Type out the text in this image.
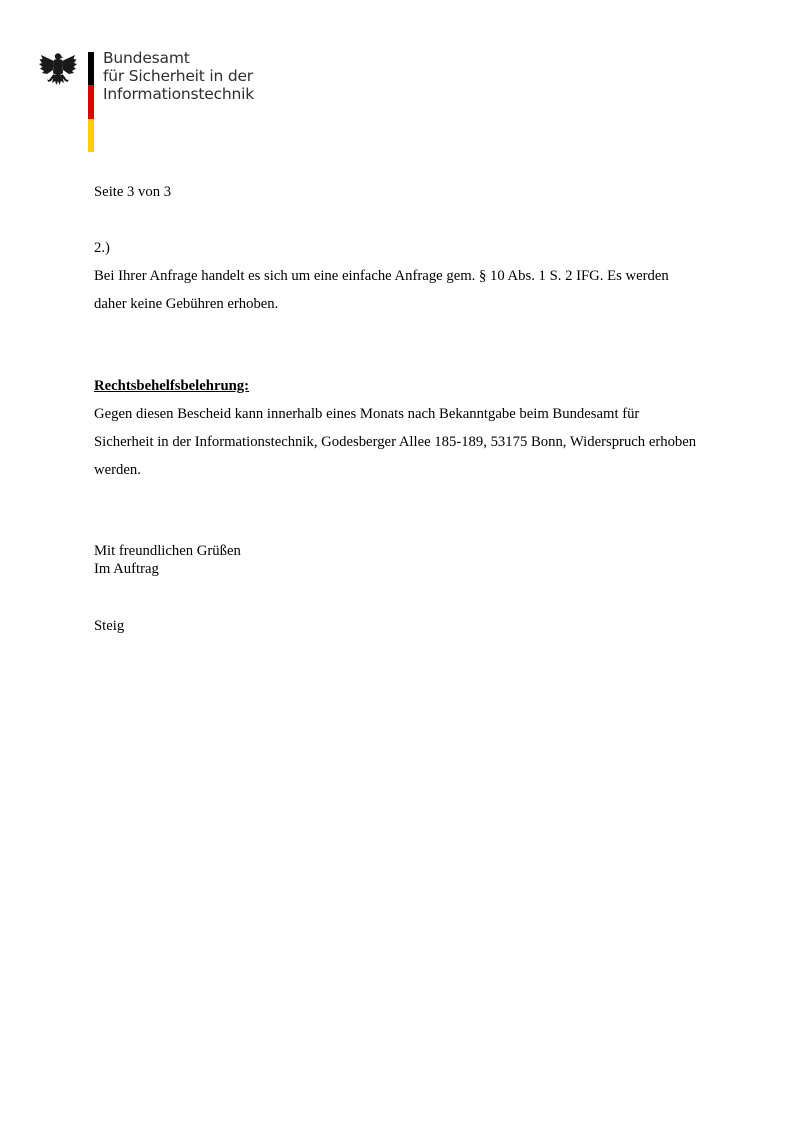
Bundesamt
für Sicherheit in der
Informationstechnik
Seite 3 von 3
2.)
Bei Ihrer Anfrage handelt es sich um eine einfache Anfrage gem. § 10 Abs. 1 S. 2 IFG. Es werden
daher keine Gebühren erhoben.
Rechtsbehelfsbelehrung:
Gegen diesen Bescheid kann innerhalb eines Monats nach Bekanntgabe beim Bundesamt für
Sicherheit in der Informationstechnik, Godesberger Allee 185-189, 53175 Bonn, Widerspruch erhoben
werden.
Mit freundlichen Grüßen
Im Auftrag
Steig
